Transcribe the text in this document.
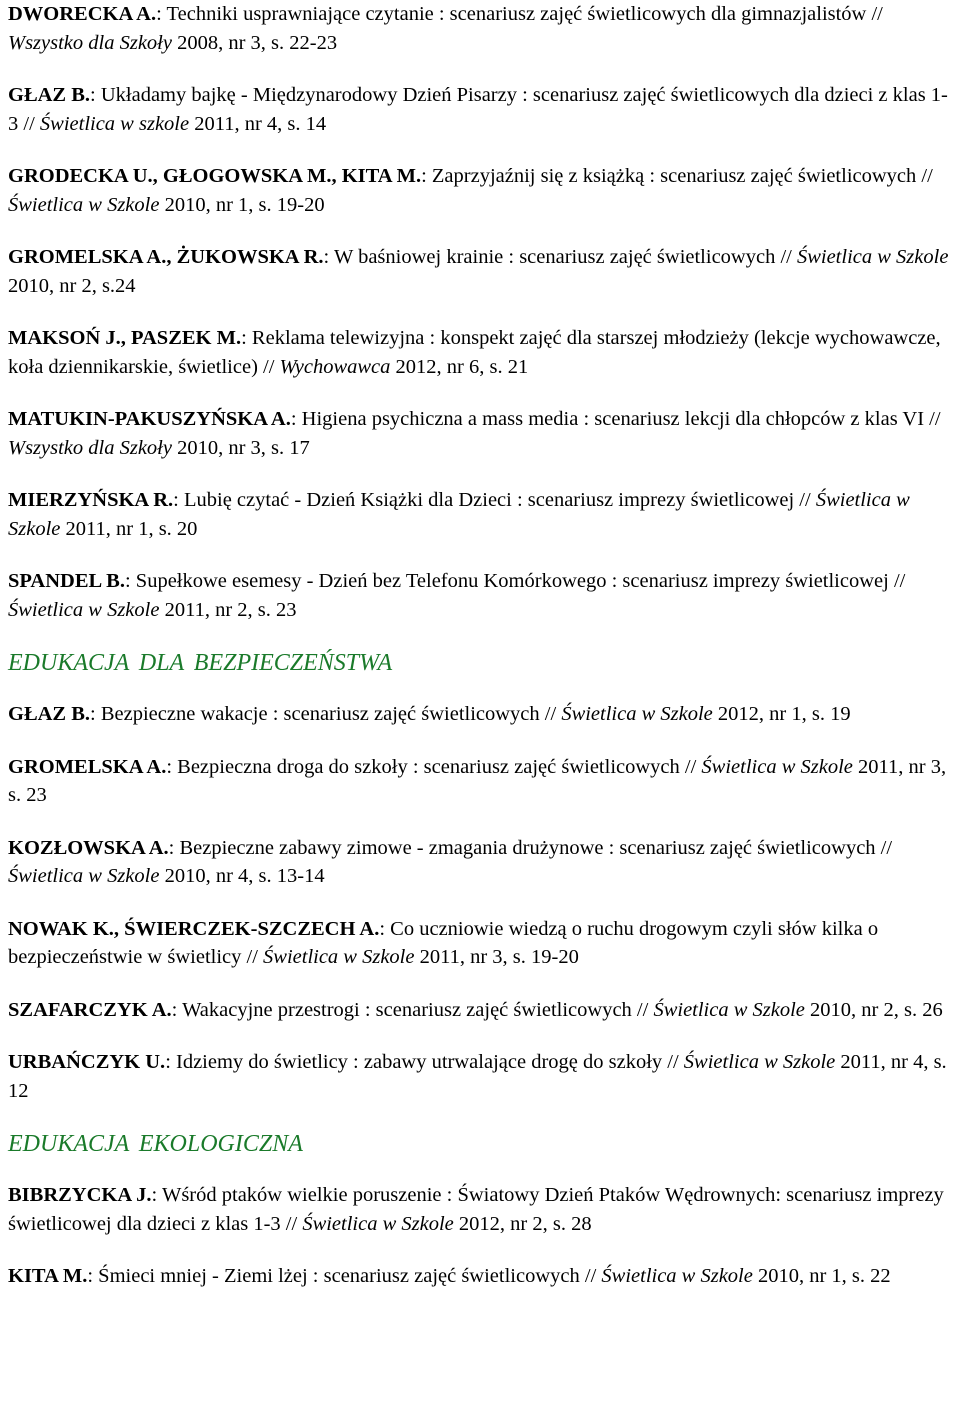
DWORECKA A.: Techniki usprawniające czytanie : scenariusz zajęć świetlicowych dla gimnazjalistów // Wszystko dla Szkoły 2008, nr 3, s. 22-23
GŁAZ B.: Układamy bajkę - Międzynarodowy Dzień Pisarzy : scenariusz zajęć świetlicowych dla dzieci z klas 1-3 // Świetlica w szkole 2011, nr 4, s. 14
GRODECKA U., GŁOGOWSKA M., KITA M.: Zaprzyjaźnij się z książką : scenariusz zajęć świetlicowych // Świetlica w Szkole 2010, nr 1, s. 19-20
GROMELSKA A., ŻUKOWSKA R.: W baśniowej krainie : scenariusz zajęć świetlicowych // Świetlica w Szkole 2010, nr 2, s.24
MAKSOŃ J., PASZEK M.: Reklama telewizyjna : konspekt zajęć dla starszej młodzieży (lekcje wychowawcze, koła dziennikarskie, świetlice) // Wychowawca 2012, nr 6, s. 21
MATUKIN-PAKUSZYŃSKA A.: Higiena psychiczna a mass media : scenariusz lekcji dla chłopców z klas VI // Wszystko dla Szkoły 2010, nr 3, s. 17
MIERZYŃSKA R.: Lubię czytać - Dzień Książki dla Dzieci : scenariusz imprezy świetlicowej // Świetlica w Szkole 2011, nr 1, s. 20
SPANDEL B.: Supełkowe esemesy - Dzień bez Telefonu Komórkowego : scenariusz imprezy świetlicowej // Świetlica w Szkole 2011, nr 2, s. 23
EDUKACJA DLA BEZPIECZEŃSTWA
GŁAZ B.: Bezpieczne wakacje : scenariusz zajęć świetlicowych // Świetlica w Szkole 2012, nr 1, s. 19
GROMELSKA A.: Bezpieczna droga do szkoły : scenariusz zajęć świetlicowych // Świetlica w Szkole 2011, nr 3, s. 23
KOZŁOWSKA A.: Bezpieczne zabawy zimowe - zmagania drużynowe : scenariusz zajęć świetlicowych // Świetlica w Szkole 2010, nr 4, s. 13-14
NOWAK K., ŚWIERCZEK-SZCZECH A.: Co uczniowie wiedzą o ruchu drogowym czyli słów kilka o bezpieczeństwie w świetlicy // Świetlica w Szkole 2011, nr 3, s. 19-20
SZAFARCZYK A.: Wakacyjne przestrogi : scenariusz zajęć świetlicowych // Świetlica w Szkole 2010, nr 2, s. 26
URBAŃCZYK U.: Idziemy do świetlicy : zabawy utrwalające drogę do szkoły // Świetlica w Szkole 2011, nr 4, s. 12
EDUKACJA EKOLOGICZNA
BIBRZYCKA J.: Wśród ptaków wielkie poruszenie : Światowy Dzień Ptaków Wędrownych: scenariusz imprezy świetlicowej dla dzieci z klas 1-3 // Świetlica w Szkole 2012, nr 2, s. 28
KITA M.: Śmieci mniej - Ziemi lżej : scenariusz zajęć świetlicowych // Świetlica w Szkole 2010, nr 1, s. 22
